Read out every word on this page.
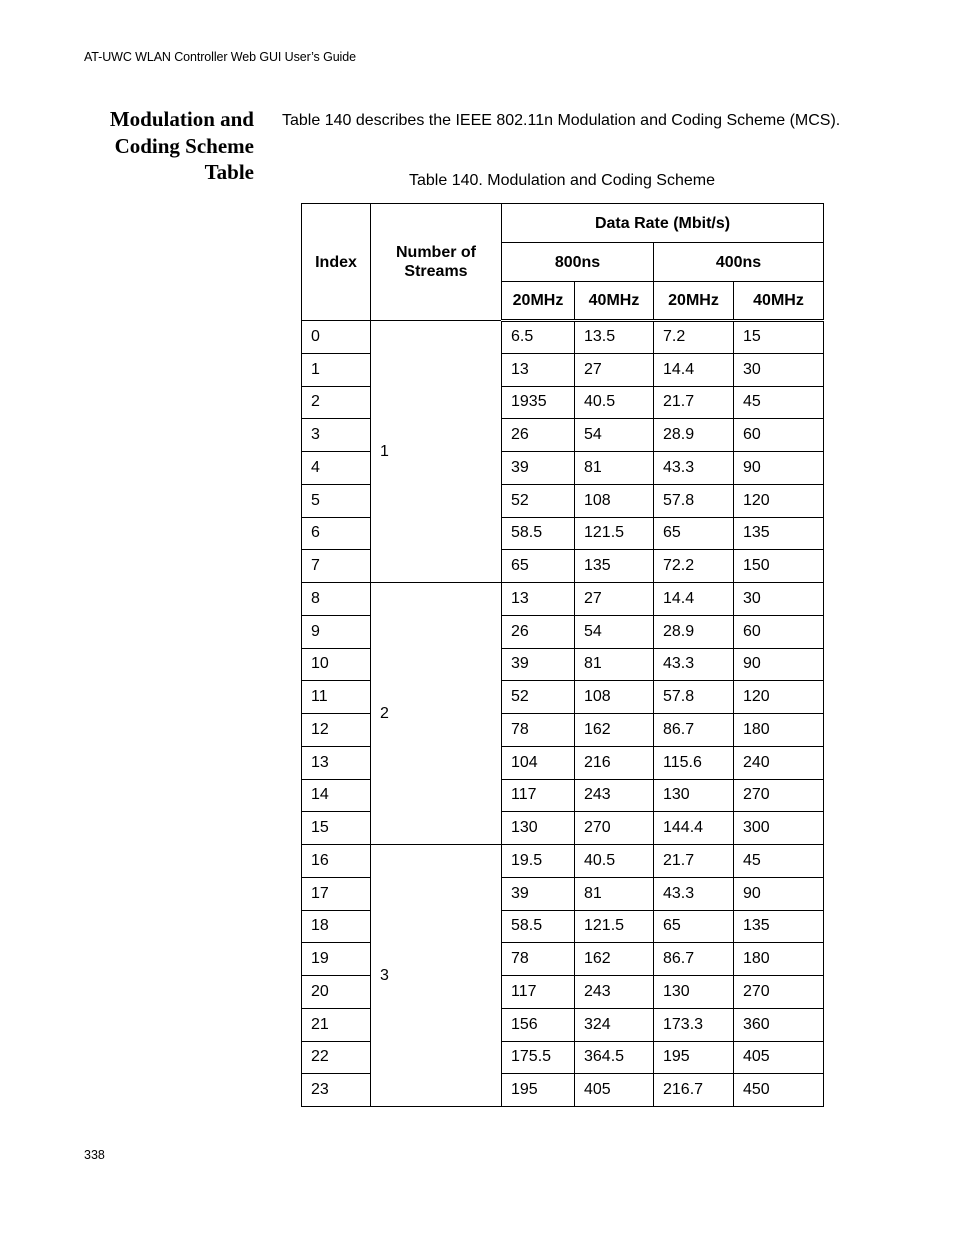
AT-UWC WLAN Controller Web GUI User’s Guide
Modulation and
Coding Scheme
Table
Table 140 describes the IEEE 802.11n Modulation and Coding Scheme (MCS).
Table 140. Modulation and Coding Scheme
Index	Number of Streams	Data Rate (Mbit/s)			
		800ns		400ns	
		20MHz	40MHz	20MHz	40MHz
0	1	6.5	13.5	7.2	15
1		13	27	14.4	30
2		1935	40.5	21.7	45
3		26	54	28.9	60
4		39	81	43.3	90
5		52	108	57.8	120
6		58.5	121.5	65	135
7		65	135	72.2	150
8	2	13	27	14.4	30
9		26	54	28.9	60
10		39	81	43.3	90
11		52	108	57.8	120
12		78	162	86.7	180
13		104	216	115.6	240
14		117	243	130	270
15		130	270	144.4	300
16	3	19.5	40.5	21.7	45
17		39	81	43.3	90
18		58.5	121.5	65	135
19		78	162	86.7	180
20		117	243	130	270
21		156	324	173.3	360
22		175.5	364.5	195	405
23		195	405	216.7	450
338
